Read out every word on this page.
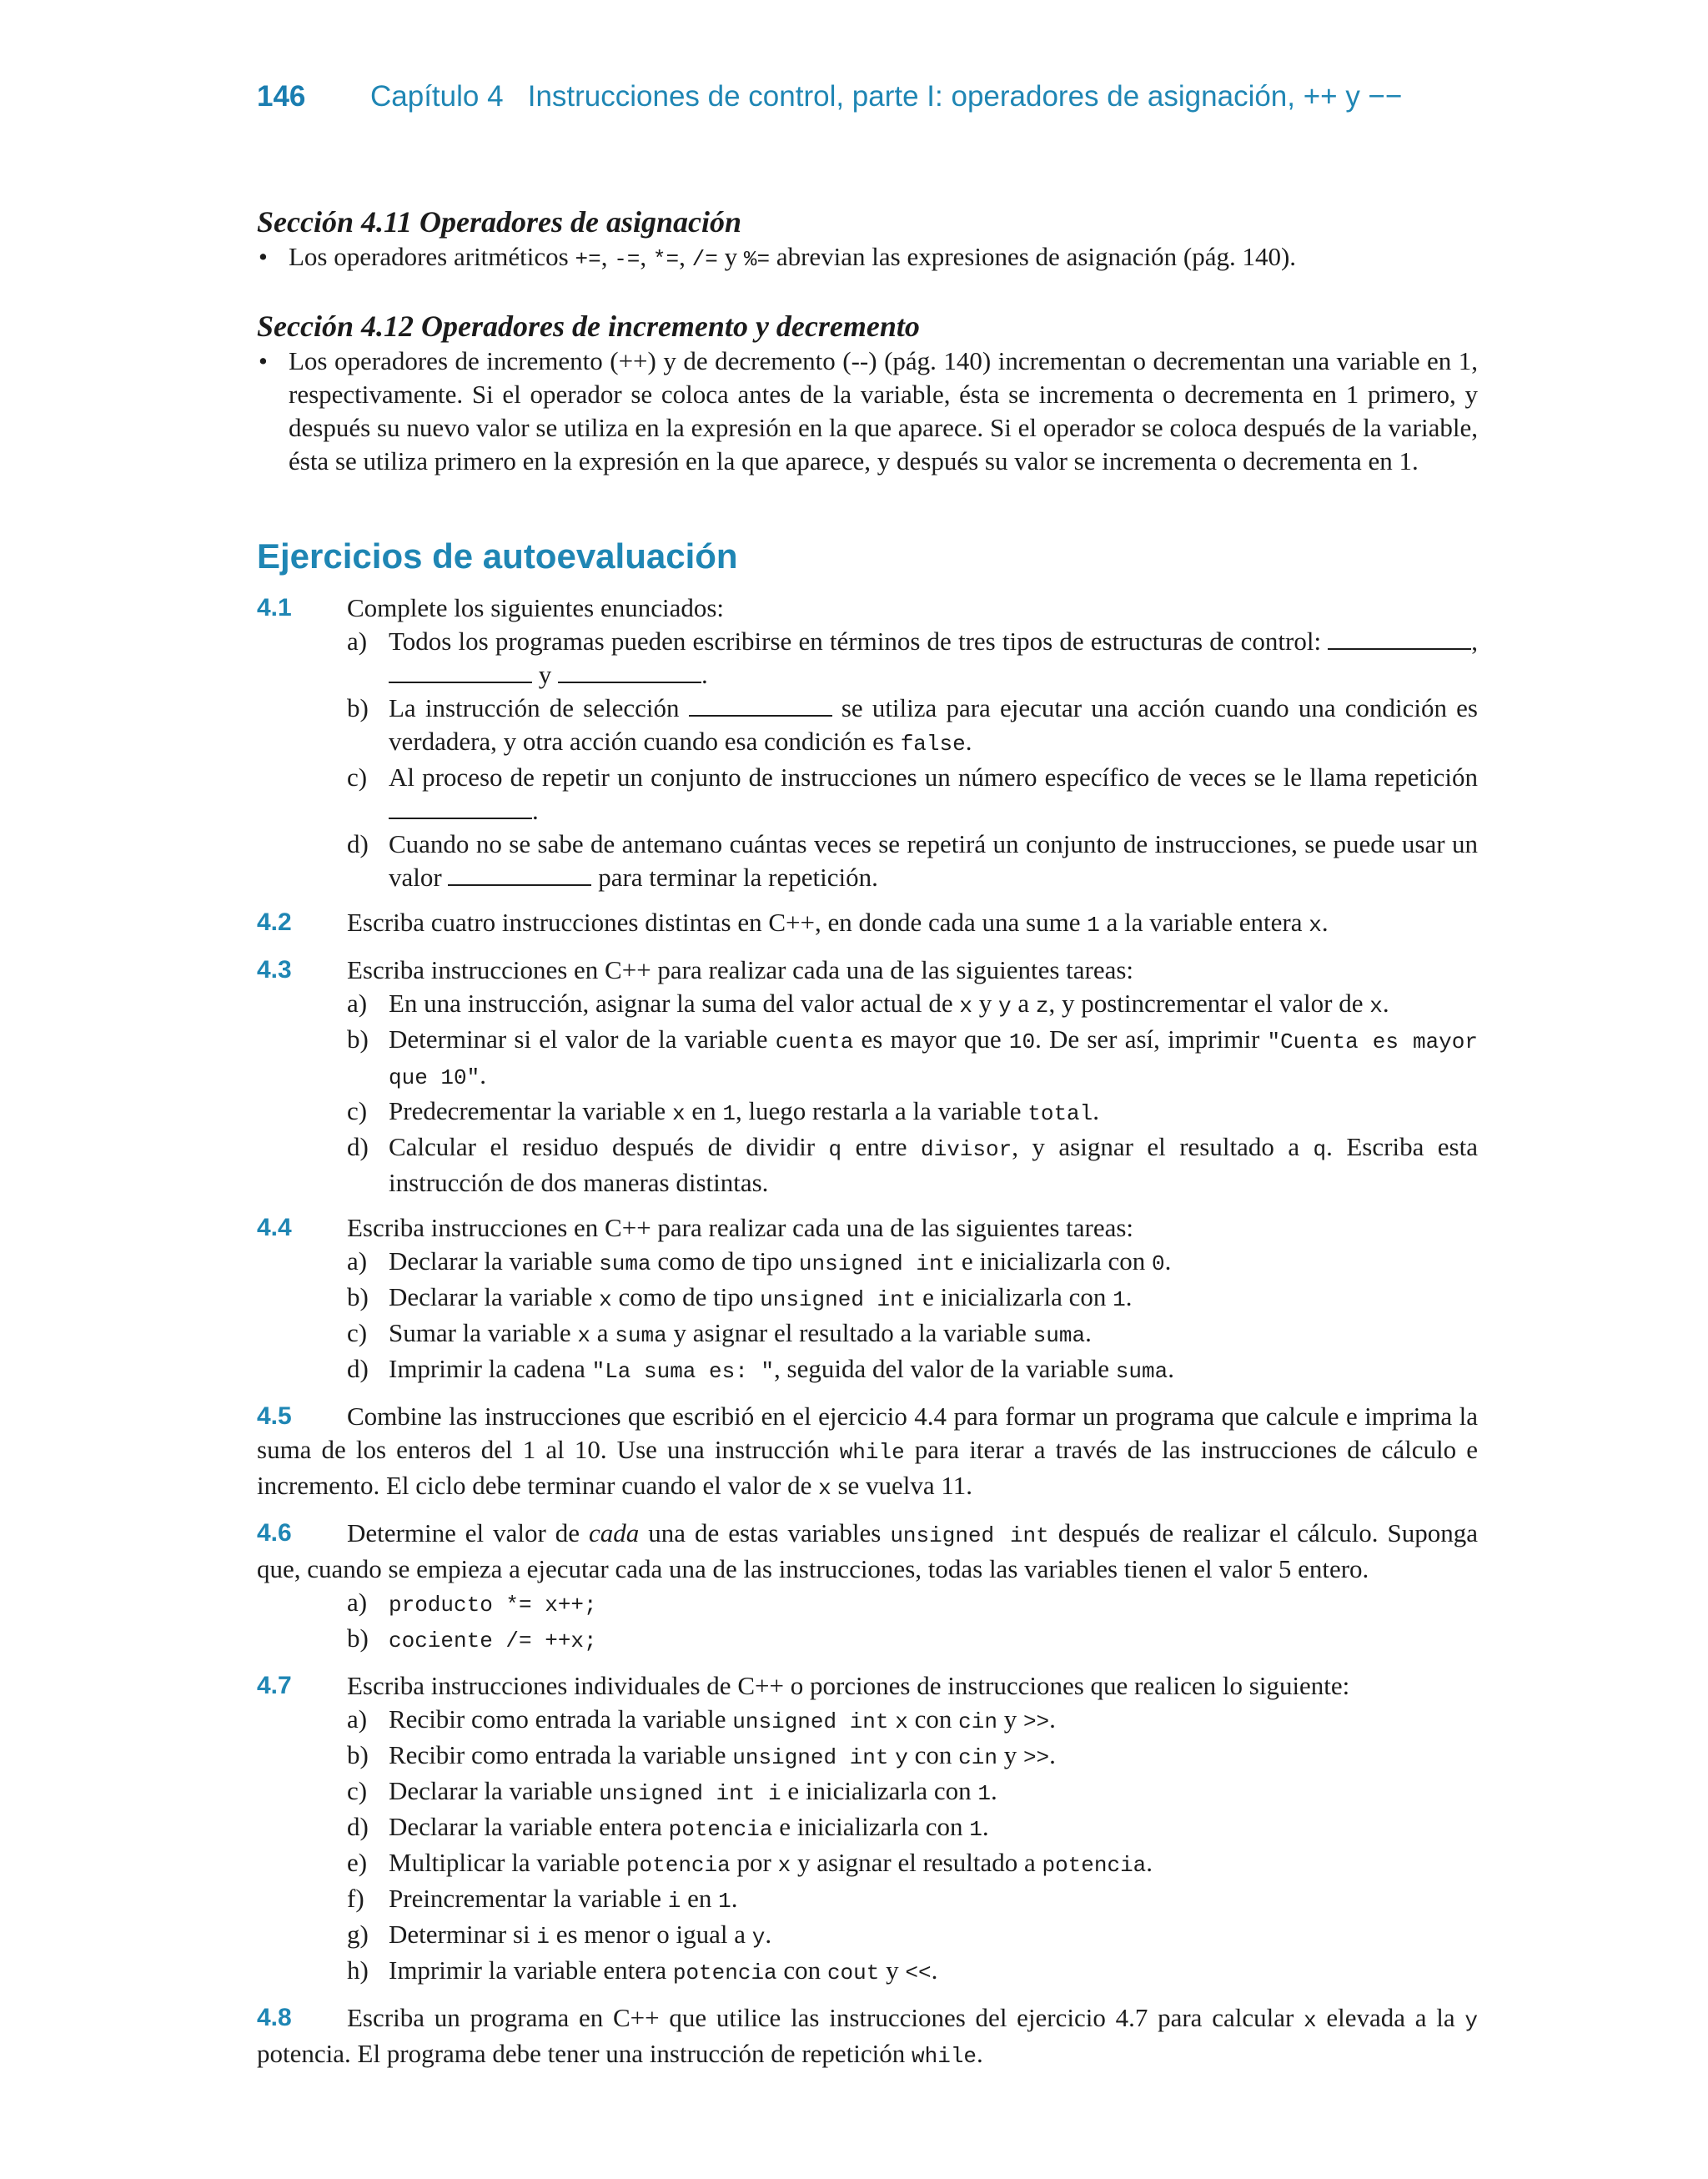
146 Capítulo 4   Instrucciones de control, parte I: operadores de asignación, ++ y −−
Sección 4.11 Operadores de asignación

• Los operadores aritméticos +=, -=, *=, /= y %= abrevian las expresiones de asignación (pág. 140).

Sección 4.12 Operadores de incremento y decremento

• Los operadores de incremento (++) y de decremento (--) (pág. 140) incrementan o decrementan una variable en 1, respectivamente. Si el operador se coloca antes de la variable, ésta se incrementa o decrementa en 1 primero, y después su nuevo valor se utiliza en la expresión en la que aparece. Si el operador se coloca después de la variable, ésta se utiliza primero en la expresión en la que aparece, y después su valor se incrementa o decrementa en 1.

Ejercicios de autoevaluación
4.1	Complete los siguientes enunciados:
a) Todos los programas pueden escribirse en términos de tres tipos de estructuras de control:	,  y	.
b) La instrucción de selección	se utiliza para ejecutar una acción cuando una condición es verdadera, y otra acción cuando esa condición es false.
c) Al proceso de repetir un conjunto de instrucciones un número específico de veces se le llama repetición .
d) Cuando no se sabe de antemano cuántas veces se repetirá un conjunto de instrucciones, se puede usar un valor	para terminar la repetición.
4.2	Escriba cuatro instrucciones distintas en C++, en donde cada una sume 1 a la variable entera x.
4.3	Escriba instrucciones en C++ para realizar cada una de las siguientes tareas:
a) En una instrucción, asignar la suma del valor actual de x y y a z, y postincrementar el valor de x.
b) Determinar si el valor de la variable cuenta es mayor que 10. De ser así, imprimir "Cuenta es mayor que 10".
c) Predecrementar la variable x en 1, luego restarla a la variable total.
d) Calcular el residuo después de dividir q entre divisor, y asignar el resultado a q. Escriba esta instrucción de dos maneras distintas.
4.4	Escriba instrucciones en C++ para realizar cada una de las siguientes tareas:
a) Declarar la variable suma como de tipo unsigned int e inicializarla con 0.
b) Declarar la variable x como de tipo unsigned int e inicializarla con 1.
c) Sumar la variable x a suma y asignar el resultado a la variable suma.
d) Imprimir la cadena "La suma es: ", seguida del valor de la variable suma.
4.5	Combine las instrucciones que escribió en el ejercicio 4.4 para formar un programa que calcule e imprima la suma de los enteros del 1 al 10. Use una instrucción while para iterar a través de las instrucciones de cálculo e incremento. El ciclo debe terminar cuando el valor de x se vuelva 11.
4.6	Determine el valor de cada una de estas variables unsigned int después de realizar el cálculo. Suponga que, cuando se empieza a ejecutar cada una de las instrucciones, todas las variables tienen el valor 5 entero.
a) producto *= x++;
b) cociente /= ++x;
4.7	Escriba instrucciones individuales de C++ o porciones de instrucciones que realicen lo siguiente:
a) Recibir como entrada la variable unsigned int x con cin y >>.
b) Recibir como entrada la variable unsigned int y con cin y >>.
c) Declarar la variable unsigned int i e inicializarla con 1.
d) Declarar la variable entera potencia e inicializarla con 1.
e) Multiplicar la variable potencia por x y asignar el resultado a potencia.
f) Preincrementar la variable i en 1.
g) Determinar si i es menor o igual a y.
h) Imprimir la variable entera potencia con cout y <<.
4.8	Escriba un programa en C++ que utilice las instrucciones del ejercicio 4.7 para calcular x elevada a la y potencia. El programa debe tener una instrucción de repetición while.
